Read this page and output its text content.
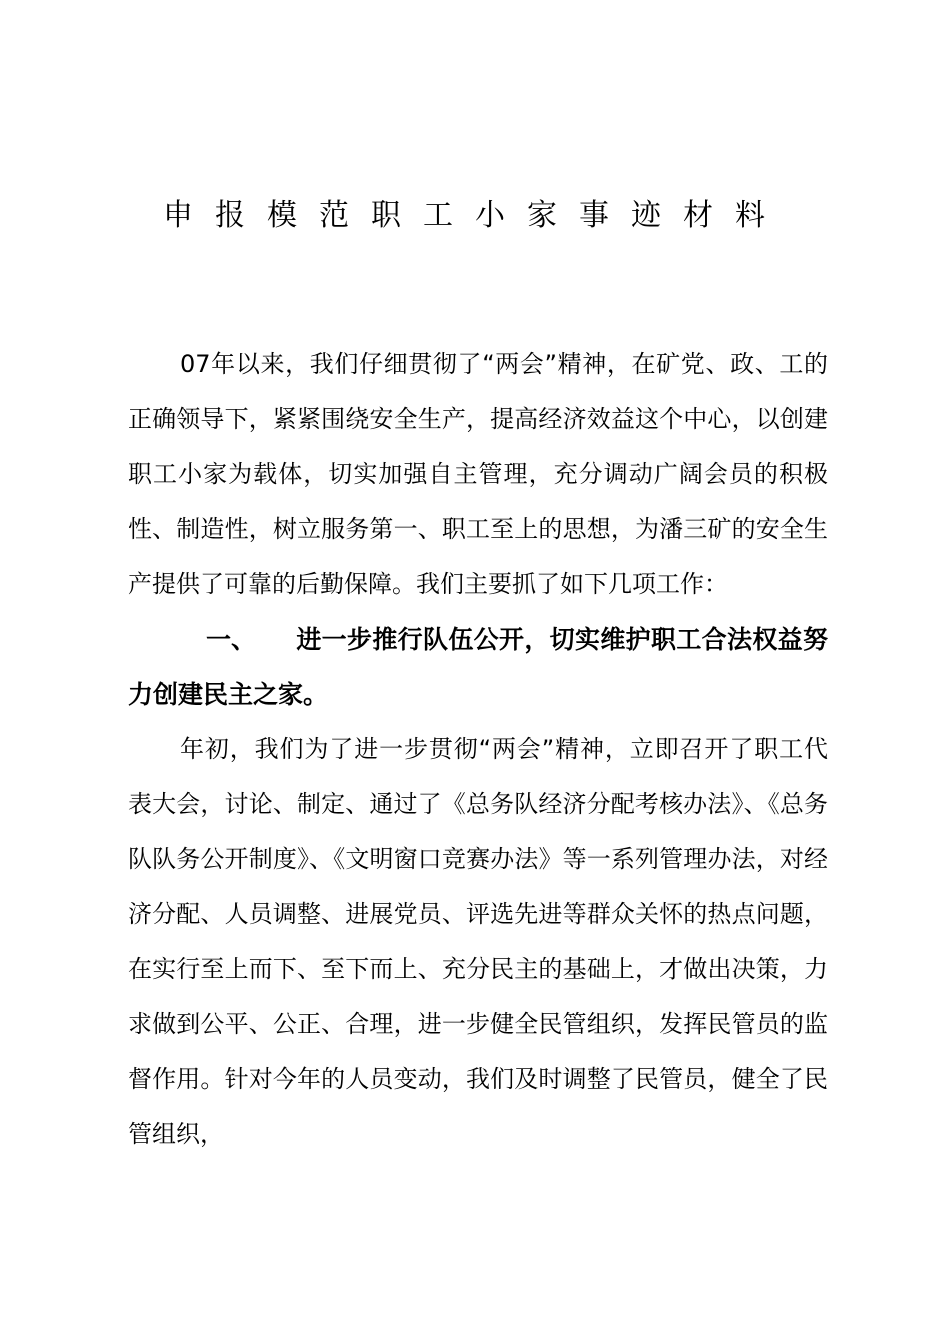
申报模范职工小家事迹材料

07年以来，我们仔细贯彻了“两会”精神，在矿党、政、工的正确领导下，紧紧围绕安全生产，提高经济效益这个中心，以创建职工小家为载体，切实加强自主管理，充分调动广阔会员的积极性、制造性，树立服务第一、职工至上的思想，为潘三矿的安全生产提供了可靠的后勤保障。我们主要抓了如下几项工作：

一、 进一步推行队伍公开，切实维护职工合法权益努力创建民主之家。

年初，我们为了进一步贯彻“两会”精神，立即召开了职工代表大会，讨论、制定、通过了《总务队经济分配考核办法》、《总务队队务公开制度》、《文明窗口竞赛办法》等一系列管理办法，对经济分配、人员调整、进展党员、评选先进等群众关怀的热点问题，在实行至上而下、至下而上、充分民主的基础上，才做出决策，力求做到公平、公正、合理，进一步健全民管组织，发挥民管员的监督作用。针对今年的人员变动，我们及时调整了民管员，健全了民管组织，
